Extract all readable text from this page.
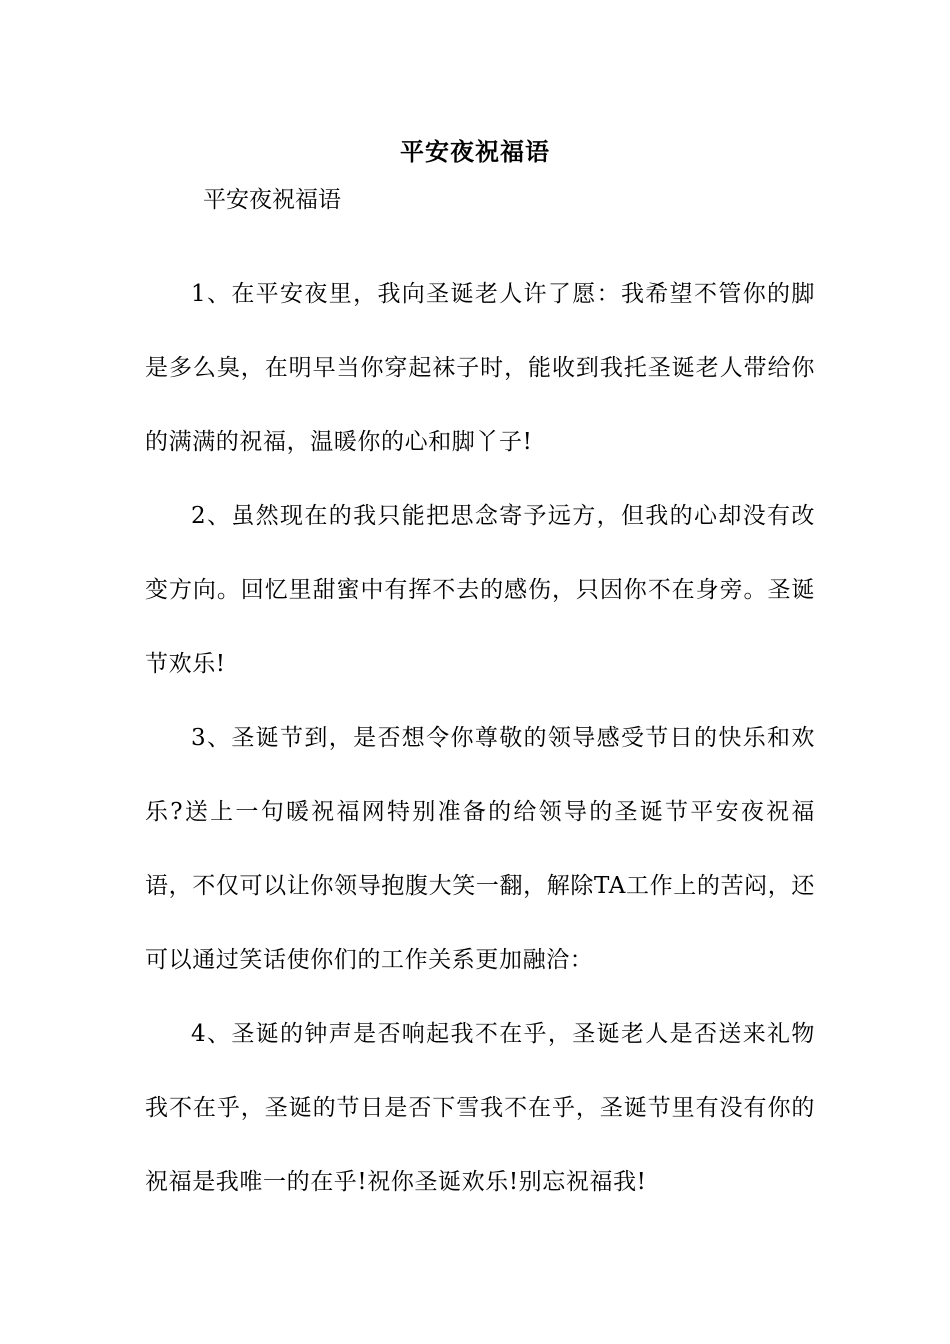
平安夜祝福语
平安夜祝福语

1、在平安夜里，我向圣诞老人许了愿：我希望不管你的脚是多么臭，在明早当你穿起袜子时，能收到我托圣诞老人带给你的满满的祝福，温暖你的心和脚丫子!

2、虽然现在的我只能把思念寄予远方，但我的心却没有改变方向。回忆里甜蜜中有挥不去的感伤，只因你不在身旁。圣诞节欢乐!

3、圣诞节到，是否想令你尊敬的领导感受节日的快乐和欢乐?送上一句暖祝福网特别准备的给领导的圣诞节平安夜祝福语，不仅可以让你领导抱腹大笑一翻，解除TA工作上的苦闷，还可以通过笑话使你们的工作关系更加融洽：

4、圣诞的钟声是否响起我不在乎，圣诞老人是否送来礼物我不在乎，圣诞的节日是否下雪我不在乎，圣诞节里有没有你的祝福是我唯一的在乎!祝你圣诞欢乐!别忘祝福我!
